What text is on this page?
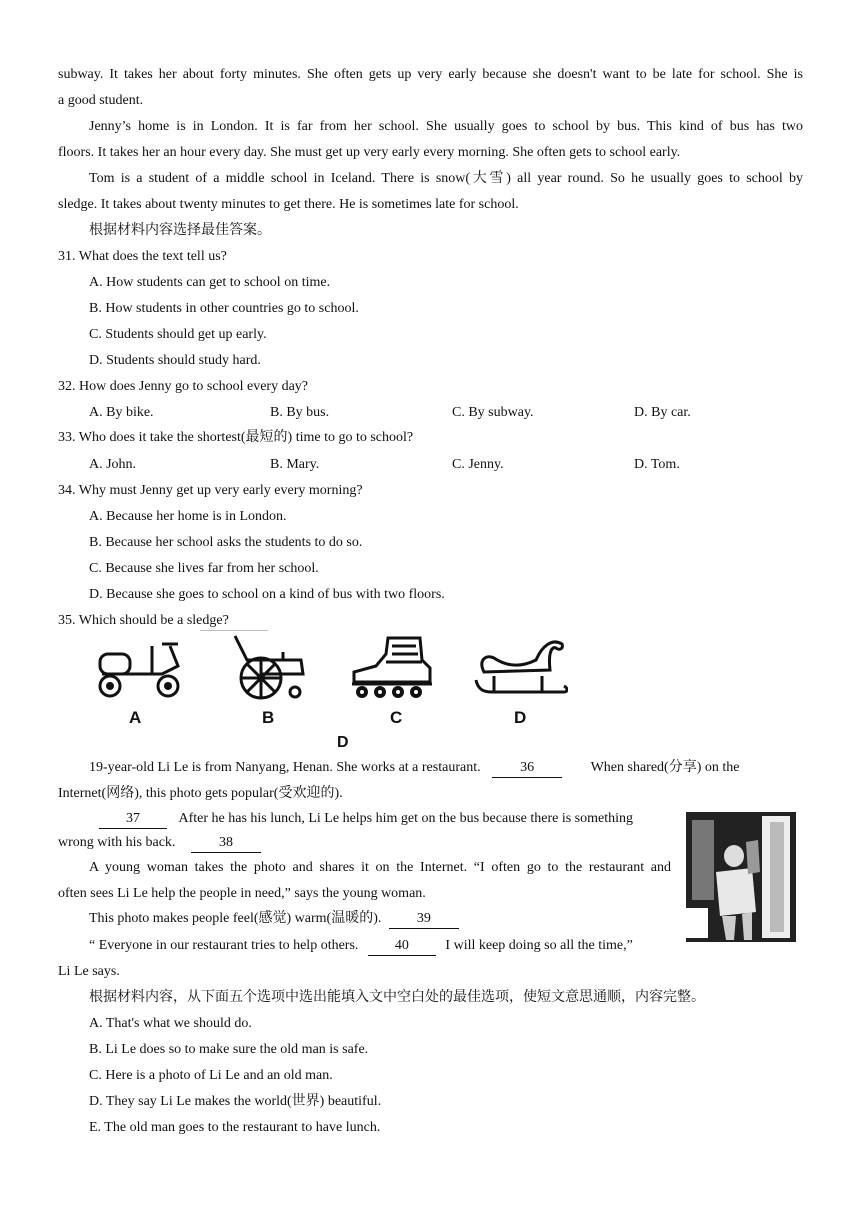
subway. It takes her about forty minutes. She often gets up very early because she doesn't want to be late for school. She is
a good student.
Jenny’s home is in London. It is far from her school. She usually goes to school by bus. This kind of bus has two
floors. It takes her an hour every day. She must get up very early every morning. She often gets to school early.
Tom is a student of a middle school in Iceland. There is snow(大雪) all year round. So he usually goes to school by
sledge. It takes about twenty minutes to get there. He is sometimes late for school.
根据材料内容选择最佳答案。
31. What does the text tell us?
A. How students can get to school on time.
B. How students in other countries go to school.
C. Students should get up early.
D. Students should study hard.
32. How does Jenny go to school every day?
A. By bike.	B. By bus.	C. By subway.	D. By car.
33. Who does it take the shortest(最短的) time to go to school?
A. John.	B. Mary.	C. Jenny.	D. Tom.
34. Why must Jenny get up very early every morning?
A. Because her home is in London.
B. Because her school asks the students to do so.
C. Because she lives far from her school.
D. Because she goes to school on a kind of bus with two floors.
35. Which should be a sledge?
A	B	C	D
D
19-year-old Li Le is from Nanyang, Henan. She works at a restaurant.	36	When shared(分享) on the
Internet(网络), this photo gets popular(受欢迎的).
37	After he has his lunch, Li Le helps him get on the bus because there is something
wrong with his back.	38
A young woman takes the photo and shares it on the Internet. “I often go to the restaurant and
often sees Li Le help the people in need,” says the young woman.
This photo makes people feel(感觉) warm(温暖的).	39
“ Everyone in our restaurant tries to help others.	40	I will keep doing so all the time,”
Li Le says.
根据材料内容，从下面五个选项中选出能填入文中空白处的最佳选项，使短文意思通顺，内容完整。
A. That's what we should do.
B. Li Le does so to make sure the old man is safe.
C. Here is a photo of Li Le and an old man.
D. They say Li Le makes the world(世界) beautiful.
E. The old man goes to the restaurant to have lunch.
